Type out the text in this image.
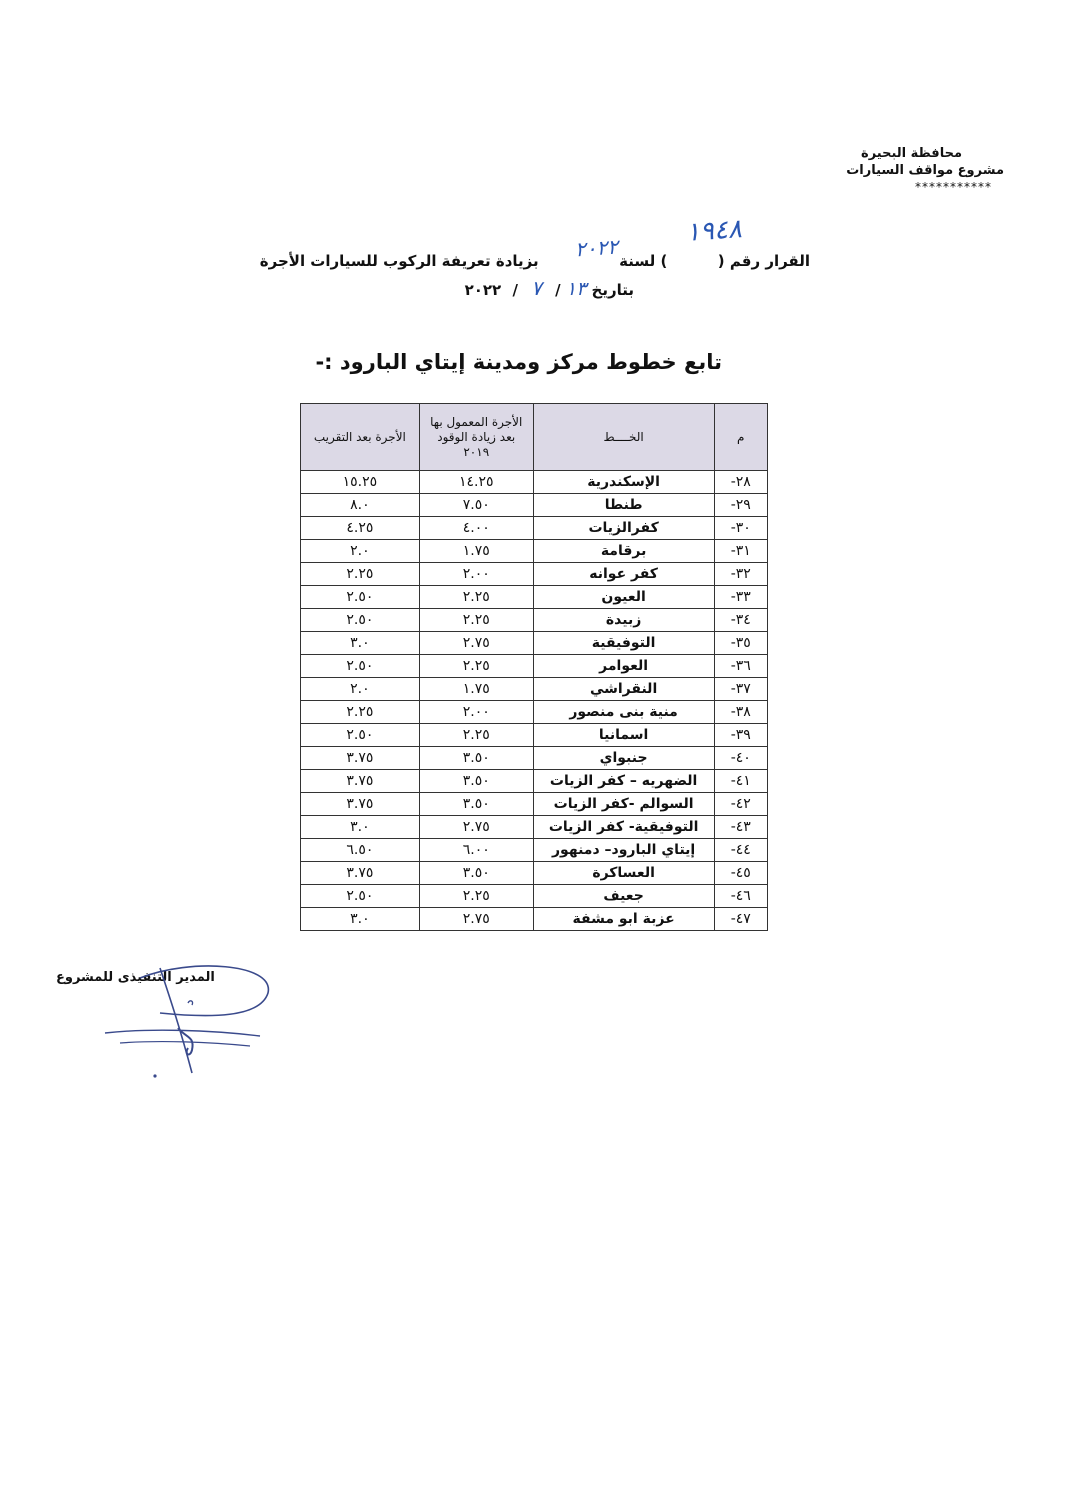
محافظة البحيرة
مشروع مواقف السيارات
***********
١٩٤٨
٢٠٢٢	القرار رقم (  ) لسنة  بزيادة تعريفة الركوب للسيارات الأجرة
بتاريخ ١٣ / ٧ / ٢٠٢٢
تابع خطوط مركز ومدينة إيتاي البارود :-
م	الخــــط	الأجرة المعمول بها بعد زيادة الوقود ٢٠١٩	الأجرة بعد التقريب
٢٨-	الإسكندرية	١٤.٢٥	١٥.٢٥
٢٩-	طنطا	٧.٥٠	٨.٠
٣٠-	كفرالزيات	٤.٠٠	٤.٢٥
٣١-	برقامة	١.٧٥	٢.٠
٣٢-	كفر عوانه	٢.٠٠	٢.٢٥
٣٣-	العيون	٢.٢٥	٢.٥٠
٣٤-	زبيدة	٢.٢٥	٢.٥٠
٣٥-	التوفيقية	٢.٧٥	٣.٠
٣٦-	العوامر	٢.٢٥	٢.٥٠
٣٧-	النقراشي	١.٧٥	٢.٠
٣٨-	منية بنى منصور	٢.٠٠	٢.٢٥
٣٩-	اسمانيا	٢.٢٥	٢.٥٠
٤٠-	جنبواي	٣.٥٠	٣.٧٥
٤١-	الضهريه – كفر الزيات	٣.٥٠	٣.٧٥
٤٢-	السوالم -كفر الزيات	٣.٥٠	٣.٧٥
٤٣-	التوفيقية- كفر الزيات	٢.٧٥	٣.٠
٤٤-	إيتاي البارود– دمنهور	٦.٠٠	٦.٥٠
٤٥-	العساكرة	٣.٥٠	٣.٧٥
٤٦-	جعيف	٢.٢٥	٢.٥٠
٤٧-	عزبة ابو مشفة	٢.٧٥	٣.٠
المدير التنفيذى للمشروع
